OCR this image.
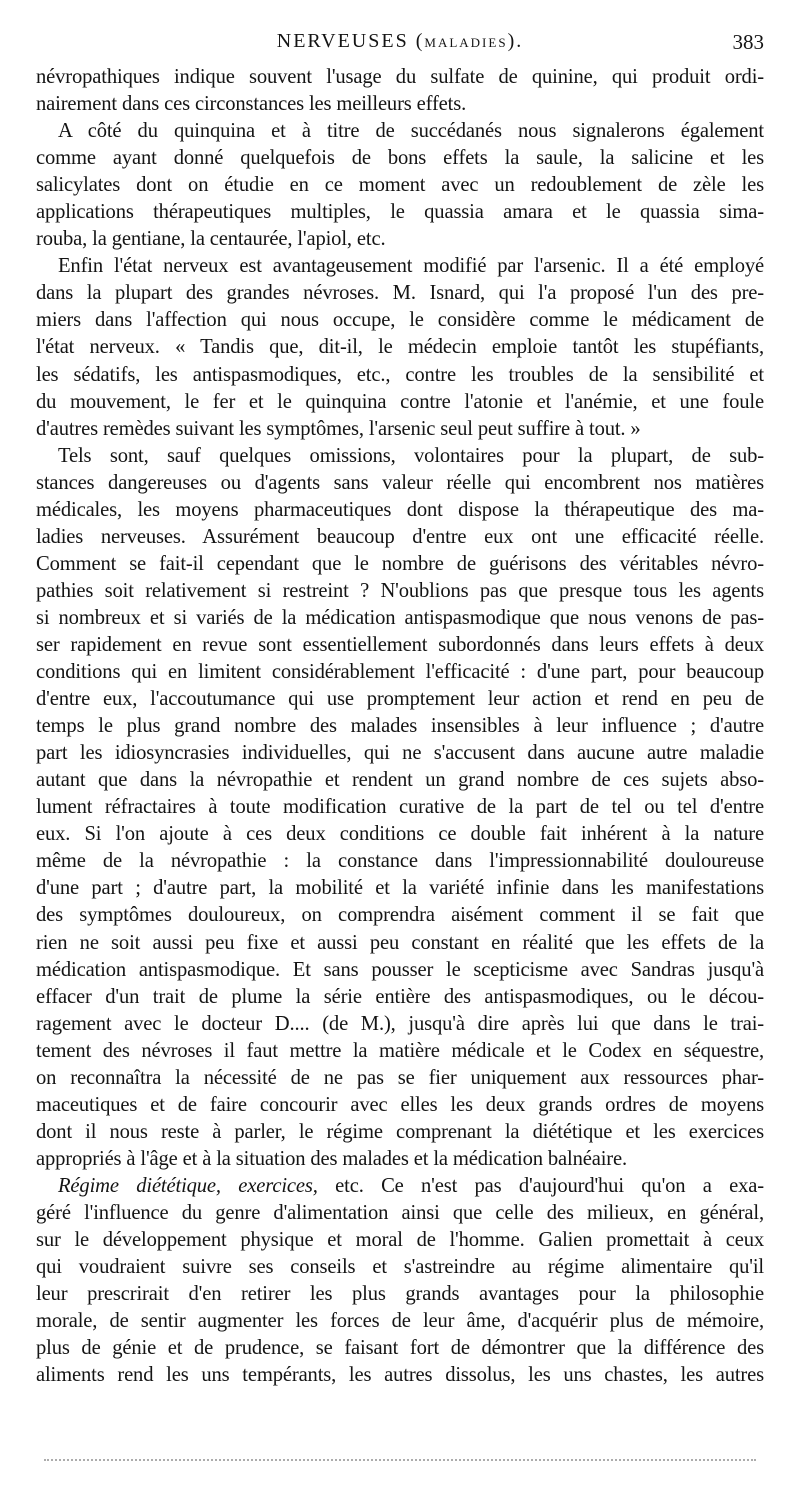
NERVEUSES (MALADIES).	383
névropathiques indique souvent l'usage du sulfate de quinine, qui produit ordi-
nairement dans ces circonstances les meilleurs effets.
A côté du quinquina et à titre de succédanés nous signalerons également
comme ayant donné quelquefois de bons effets la saule, la salicine et les
salicylates dont on étudie en ce moment avec un redoublement de zèle les
applications thérapeutiques multiples, le quassia amara et le quassia sima-
rouba, la gentiane, la centaurée, l'apiol, etc.
Enfin l'état nerveux est avantageusement modifié par l'arsenic. Il a été employé
dans la plupart des grandes névroses. M. Isnard, qui l'a proposé l'un des pre-
miers dans l'affection qui nous occupe, le considère comme le médicament de
l'état nerveux. « Tandis que, dit-il, le médecin emploie tantôt les stupéfiants,
les sédatifs, les antispasmodiques, etc., contre les troubles de la sensibilité et
du mouvement, le fer et le quinquina contre l'atonie et l'anémie, et une foule
d'autres remèdes suivant les symptômes, l'arsenic seul peut suffire à tout. »
Tels sont, sauf quelques omissions, volontaires pour la plupart, de sub-
stances dangereuses ou d'agents sans valeur réelle qui encombrent nos matières
médicales, les moyens pharmaceutiques dont dispose la thérapeutique des ma-
ladies nerveuses. Assurément beaucoup d'entre eux ont une efficacité réelle.
Comment se fait-il cependant que le nombre de guérisons des véritables névro-
pathies soit relativement si restreint ? N'oublions pas que presque tous les agents
si nombreux et si variés de la médication antispasmodique que nous venons de pas-
ser rapidement en revue sont essentiellement subordonnés dans leurs effets à deux
conditions qui en limitent considérablement l'efficacité : d'une part, pour beaucoup
d'entre eux, l'accoutumance qui use promptement leur action et rend en peu de
temps le plus grand nombre des malades insensibles à leur influence ; d'autre
part les idiosyncrasies individuelles, qui ne s'accusent dans aucune autre maladie
autant que dans la névropathie et rendent un grand nombre de ces sujets abso-
lument réfractaires à toute modification curative de la part de tel ou tel d'entre
eux. Si l'on ajoute à ces deux conditions ce double fait inhérent à la nature
même de la névropathie : la constance dans l'impressionnabilité douloureuse
d'une part ; d'autre part, la mobilité et la variété infinie dans les manifestations
des symptômes douloureux, on comprendra aisément comment il se fait que
rien ne soit aussi peu fixe et aussi peu constant en réalité que les effets de la
médication antispasmodique. Et sans pousser le scepticisme avec Sandras jusqu'à
effacer d'un trait de plume la série entière des antispasmodiques, ou le décou-
ragement avec le docteur D.... (de M.), jusqu'à dire après lui que dans le trai-
tement des névroses il faut mettre la matière médicale et le Codex en séquestre,
on reconnaîtra la nécessité de ne pas se fier uniquement aux ressources phar-
maceutiques et de faire concourir avec elles les deux grands ordres de moyens
dont il nous reste à parler, le régime comprenant la diététique et les exercices
appropriés à l'âge et à la situation des malades et la médication balnéaire.
Régime diététique, exercices, etc. Ce n'est pas d'aujourd'hui qu'on a exa-
géré l'influence du genre d'alimentation ainsi que celle des milieux, en général,
sur le développement physique et moral de l'homme. Galien promettait à ceux
qui voudraient suivre ses conseils et s'astreindre au régime alimentaire qu'il
leur prescrirait d'en retirer les plus grands avantages pour la philosophie
morale, de sentir augmenter les forces de leur âme, d'acquérir plus de mémoire,
plus de génie et de prudence, se faisant fort de démontrer que la différence des
aliments rend les uns tempérants, les autres dissolus, les uns chastes, les autres
